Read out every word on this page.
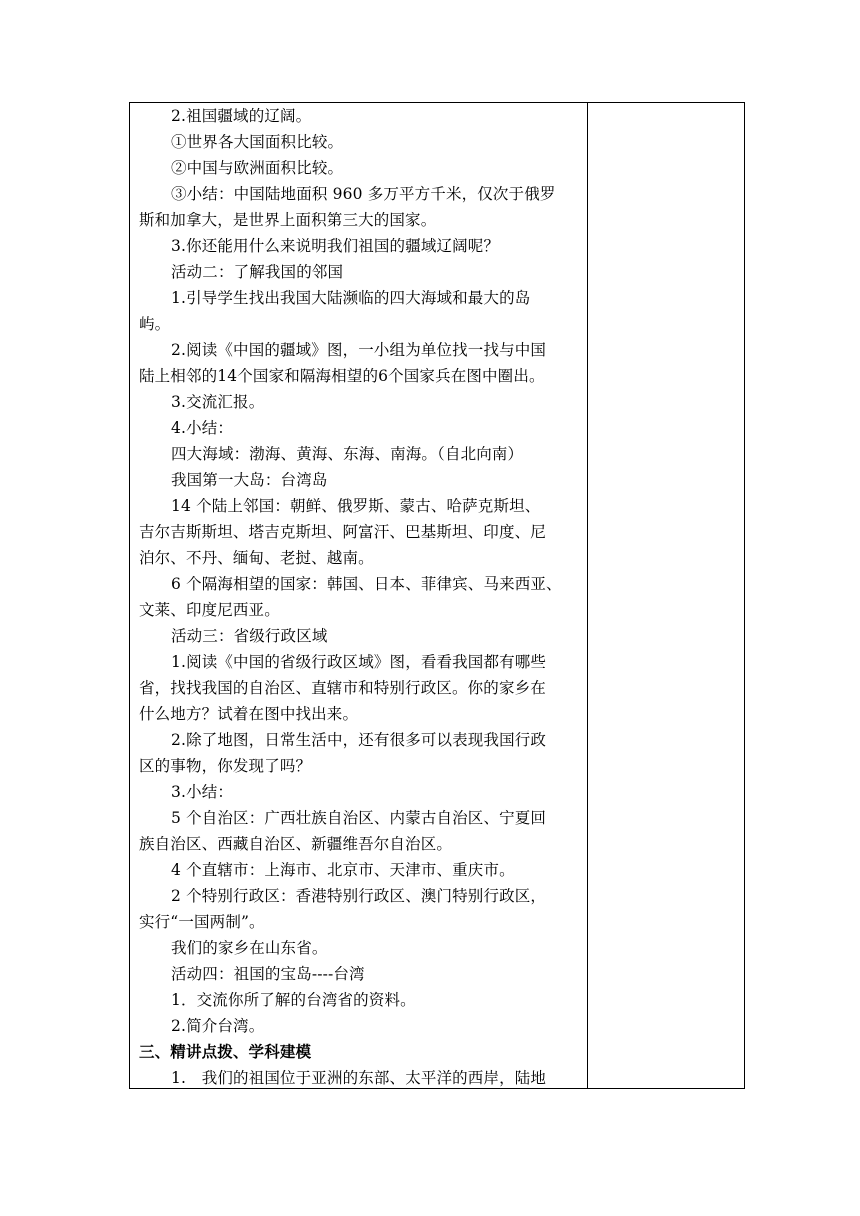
2.祖国疆域的辽阔。
①世界各大国面积比较。
②中国与欧洲面积比较。
③小结：中国陆地面积 960 多万平方千米，仅次于俄罗
斯和加拿大，是世界上面积第三大的国家。
3.你还能用什么来说明我们祖国的疆域辽阔呢？
活动二：了解我国的邻国
1.引导学生找出我国大陆濒临的四大海域和最大的岛
屿。
2.阅读《中国的疆域》图，一小组为单位找一找与中国
陆上相邻的14个国家和隔海相望的6个国家兵在图中圈出。
3.交流汇报。
4.小结：
四大海域：渤海、黄海、东海、南海。（自北向南）
我国第一大岛：台湾岛
14 个陆上邻国：朝鲜、俄罗斯、蒙古、哈萨克斯坦、
吉尔吉斯斯坦、塔吉克斯坦、阿富汗、巴基斯坦、印度、尼
泊尔、不丹、缅甸、老挝、越南。
6 个隔海相望的国家：韩国、日本、菲律宾、马来西亚、
文莱、印度尼西亚。
活动三：省级行政区域
1.阅读《中国的省级行政区域》图，看看我国都有哪些
省，找找我国的自治区、直辖市和特别行政区。你的家乡在
什么地方？试着在图中找出来。
2.除了地图，日常生活中，还有很多可以表现我国行政
区的事物，你发现了吗？
3.小结：
5 个自治区：广西壮族自治区、内蒙古自治区、宁夏回
族自治区、西藏自治区、新疆维吾尔自治区。
4 个直辖市：上海市、北京市、天津市、重庆市。
2 个特别行政区：香港特别行政区、澳门特别行政区，
实行“一国两制”。
我们的家乡在山东省。
活动四：祖国的宝岛----台湾
1．交流你所了解的台湾省的资料。
2.简介台湾。
三、精讲点拨、学科建模
1.　我们的祖国位于亚洲的东部、太平洋的西岸，陆地
